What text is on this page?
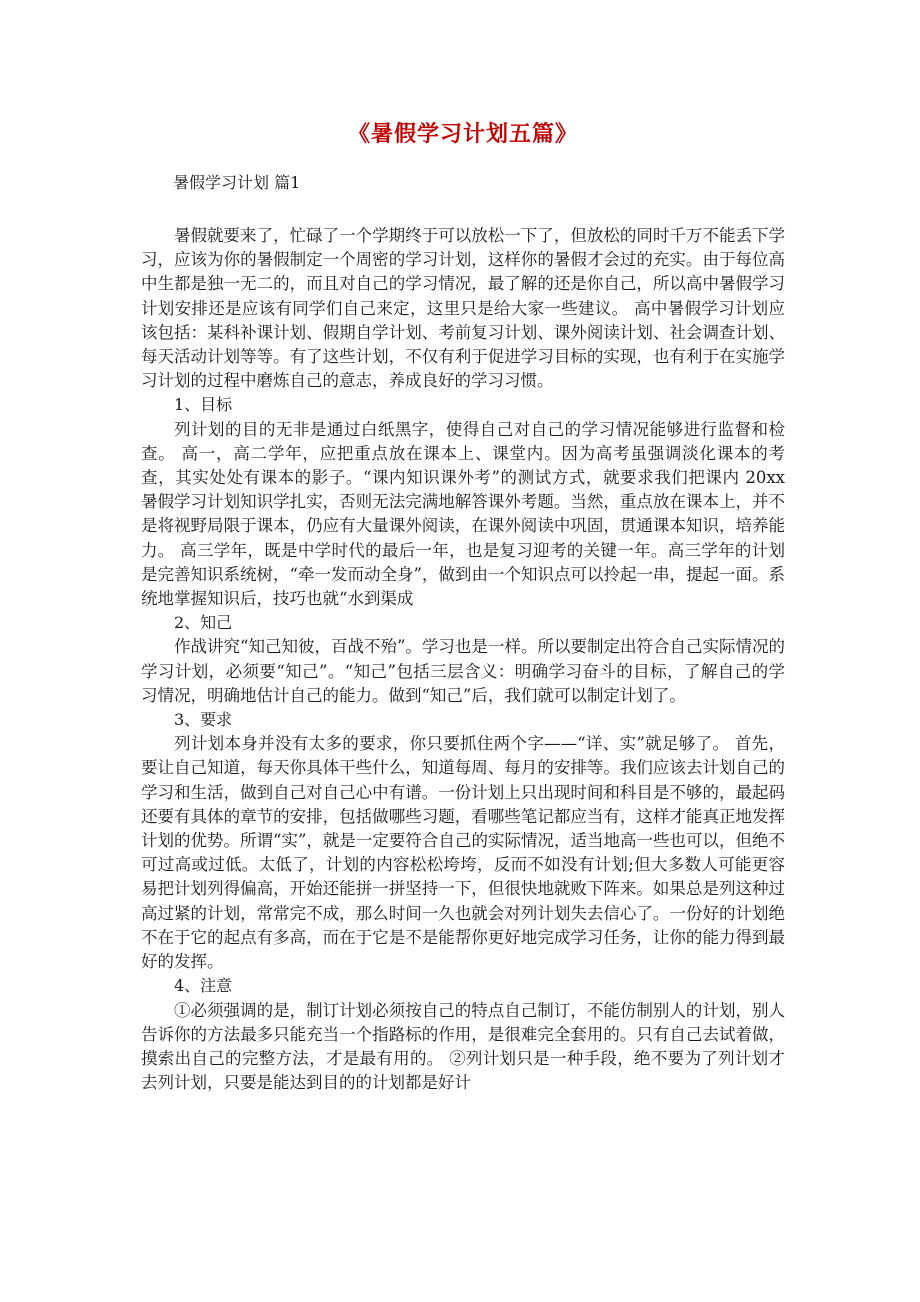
《暑假学习计划五篇》

暑假学习计划 篇1

暑假就要来了，忙碌了一个学期终于可以放松一下了，但放松的同时千万不能丢下学习，应该为你的暑假制定一个周密的学习计划，这样你的暑假才会过的充实。由于每位高中生都是独一无二的，而且对自己的学习情况，最了解的还是你自己，所以高中暑假学习计划安排还是应该有同学们自己来定，这里只是给大家一些建议。 高中暑假学习计划应该包括：某科补课计划、假期自学计划、考前复习计划、课外阅读计划、社会调查计划、每天活动计划等等。有了这些计划，不仅有利于促进学习目标的实现，也有利于在实施学习计划的过程中磨炼自己的意志，养成良好的学习习惯。

1、目标

列计划的目的无非是通过白纸黑字，使得自己对自己的学习情况能够进行监督和检查。 高一，高二学年，应把重点放在课本上、课堂内。因为高考虽强调淡化课本的考查，其实处处有课本的影子。“课内知识课外考”的测试方式，就要求我们把课内 20xx 暑假学习计划知识学扎实，否则无法完满地解答课外考题。当然，重点放在课本上，并不是将视野局限于课本，仍应有大量课外阅读，在课外阅读中巩固，贯通课本知识，培养能力。 高三学年，既是中学时代的最后一年，也是复习迎考的关键一年。高三学年的计划是完善知识系统树，“牵一发而动全身”，做到由一个知识点可以拎起一串，提起一面。系统地掌握知识后，技巧也就“水到渠成

2、知己

作战讲究“知己知彼，百战不殆”。学习也是一样。所以要制定出符合自己实际情况的学习计划，必须要“知己”。“知己”包括三层含义：明确学习奋斗的目标，了解自己的学习情况，明确地估计自己的能力。做到“知己”后，我们就可以制定计划了。

3、要求

列计划本身并没有太多的要求，你只要抓住两个字——“详、实”就足够了。 首先，要让自己知道，每天你具体干些什么，知道每周、每月的安排等。我们应该去计划自己的学习和生活，做到自己对自己心中有谱。一份计划上只出现时间和科目是不够的，最起码还要有具体的章节的安排，包括做哪些习题，看哪些笔记都应当有，这样才能真正地发挥计划的优势。所谓“实”，就是一定要符合自己的实际情况，适当地高一些也可以，但绝不可过高或过低。太低了，计划的内容松松垮垮，反而不如没有计划;但大多数人可能更容易把计划列得偏高，开始还能拼一拼坚持一下，但很快地就败下阵来。如果总是列这种过高过紧的计划，常常完不成，那么时间一久也就会对列计划失去信心了。一份好的计划绝不在于它的起点有多高，而在于它是不是能帮你更好地完成学习任务，让你的能力得到最好的发挥。

4、注意

①必须强调的是，制订计划必须按自己的特点自己制订，不能仿制别人的计划，别人告诉你的方法最多只能充当一个指路标的作用，是很难完全套用的。只有自己去试着做，摸索出自己的完整方法，才是最有用的。 ②列计划只是一种手段，绝不要为了列计划才去列计划，只要是能达到目的的计划都是好计
